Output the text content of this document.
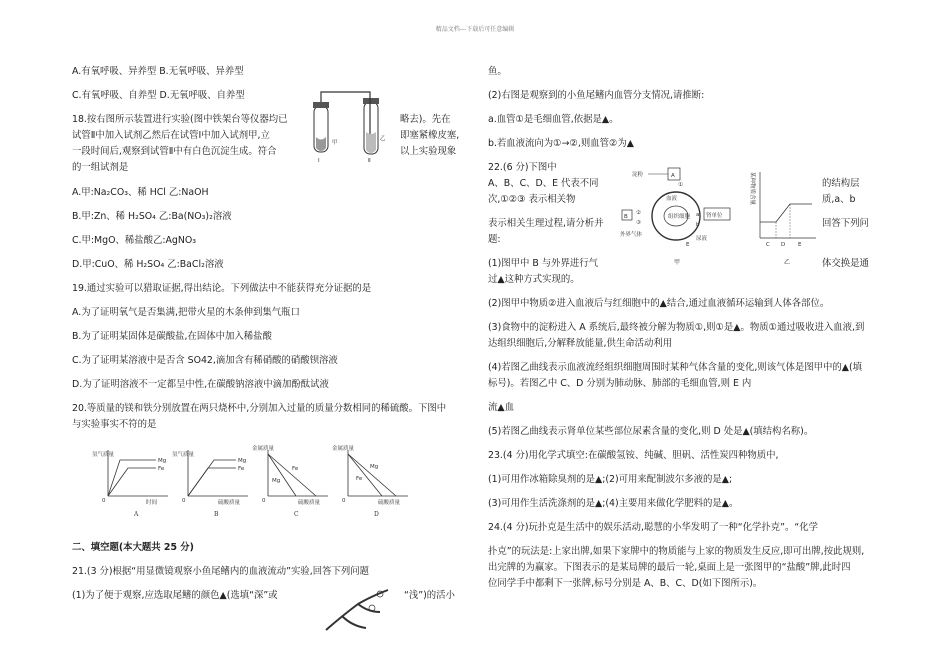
精品文档---下载后可任意编辑
A.有氧呼吸、异养型 B.无氧呼吸、异养型
C.有氧呼吸、自养型 D.无氧呼吸、自养型
18.按右图所示装置进行实验(图中铁架台等仪器均已	略去)。先在
试管Ⅱ中加入试剂乙然后在试管Ⅰ中加入试剂甲,立	即塞紧橡皮塞,
一段时间后,观察到试管Ⅱ中有白色沉淀生成。符合	以上实验现象
的一组试剂是
甲
乙
Ⅰ	Ⅱ
A.甲:Na₂CO₃、稀 HCl 乙:NaOH
B.甲:Zn、稀 H₂SO₄ 乙:Ba(NO₃)₂溶液
C.甲:MgO、稀盐酸乙:AgNO₃
D.甲:CuO、稀 H₂SO₄ 乙:BaCl₂溶液
19.通过实验可以猎取证据,得出结论。下列做法中不能获得充分证据的是
A.为了证明氧气是否集满,把带火星的木条伸到集气瓶口
B.为了证明某固体是碳酸盐,在固体中加入稀盐酸
C.为了证明某溶液中是否含 SO42,滴加含有稀硝酸的硝酸钡溶液
D.为了证明溶液不一定都呈中性,在碳酸钠溶液中滴加酚酞试液
20.等质量的镁和铁分别放置在两只烧杯中,分别加入过量的质量分数相同的稀硫酸。下图中
与实验事实不符的是
氢气质量
Mg
Fe
0	时间
A
氢气质量
Mg
Fe
0	硫酸质量
B
金属质量
Fe
Mg
0	硫酸质量
C
金属质量
Mg
Fe
0	硫酸质量
D
二、填空题(本大题共 25 分)
21.(3 分)根据“用显微镜观察小鱼尾鳍内的血液流动”实验,回答下列问题
(1)为了便于观察,应选取尾鳍的颜色▲(选填“深”或	“浅”)的活小
鱼。
(2)右图是观察到的小鱼尾鳍内血管分支情况,请推断:
a.血管①是毛细血管,依据是▲。
b.若血液流向为①→②,则血管②为▲
22.(6 分)下图中
A、B、C、D、E 代表不同
次,①②③ 表示相关物
表示相关生理过程,请分析并
题:
的结构层
质,a、b
回答下列问
淀粉	A
血液
组织细胞 a
b
肾单位
尿液
B
外界气体
②
③
①
E
甲
某种物质含量
C D E
乙
(1)图甲中 B 与外界进行气	体交换是通
过▲这种方式实现的。
(2)图甲中物质②进入血液后与红细胞中的▲结合,通过血液循环运输到人体各部位。
(3)食物中的淀粉进入 A 系统后,最终被分解为物质①,则①是▲。物质①通过吸收进入血液,到
达组织细胞后,分解释放能量,供生命活动利用
(4)若图乙曲线表示血液流经组织细胞周围时某种气体含量的变化,则该气体是图甲中的▲(填
标号)。若图乙中 C、D 分别为肺动脉、肺部的毛细血管,则 E 内
流▲血
(5)若图乙曲线表示肾单位某些部位尿素含量的变化,则 D 处是▲(填结构名称)。
23.(4 分)用化学式填空:在碳酸氢铵、纯碱、胆矾、活性炭四种物质中,
(1)可用作冰箱除臭剂的是▲;(2)可用来配制波尔多液的是▲;
(3)可用作生活洗涤剂的是▲;(4)主要用来做化学肥料的是▲。
24.(4 分)玩扑克是生活中的娱乐活动,聪慧的小华发明了一种“化学扑克”。“化学
扑克”的玩法是:上家出牌,如果下家牌中的物质能与上家的物质发生反应,即可出牌,按此规则,
出完牌的为赢家。下图表示的是某局牌的最后一轮,桌面上是一张图甲的“盐酸”牌,此时四
位同学手中都剩下一张牌,标号分别是 A、B、C、D(如下图所示)。
